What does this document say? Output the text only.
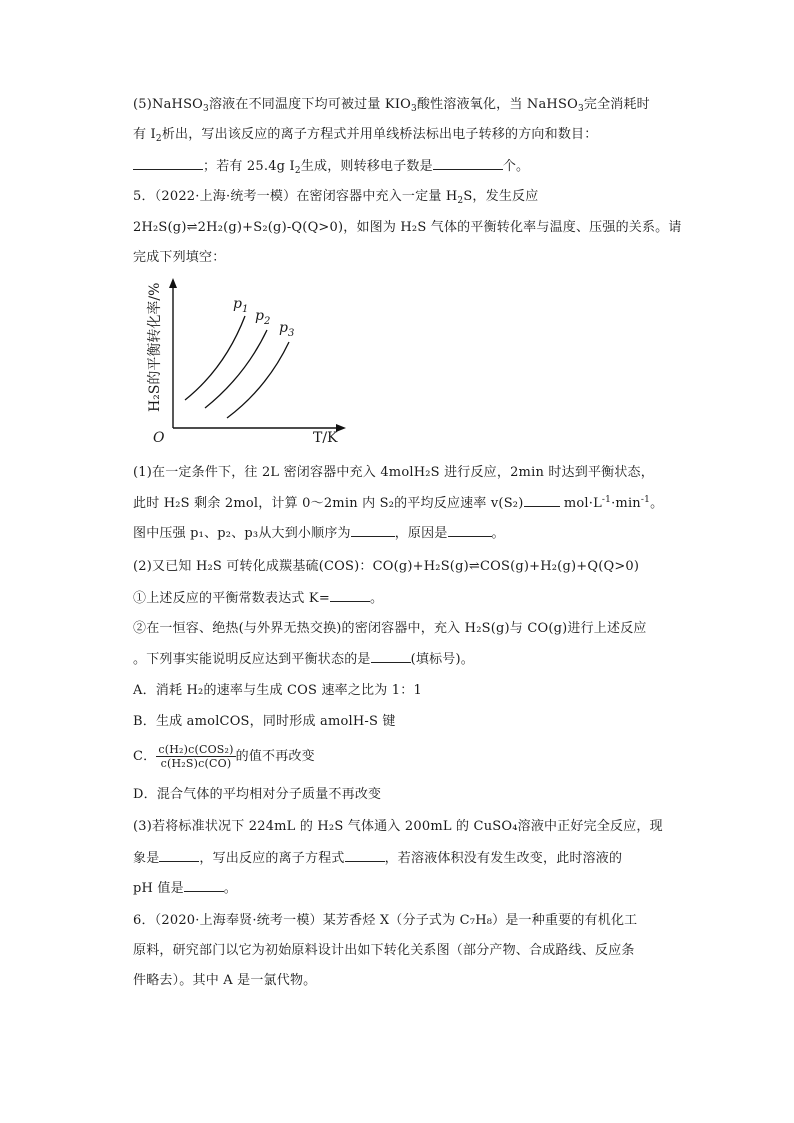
(5)NaHSO$_3$溶液在不同温度下均可被过量 $KIO_3$酸性溶液氧化，当 NaHSO$_3$完全消耗时
有 $I_2$析出，写出该反应的离子方程式并用单线桥法标出电子转移的方向和数目：
；若有 25.4g $I_2$生成，则转移电子数是	个。
5．（2022·上海·统考一模）在密闭容器中充入一定量 $H_2S$，发生反应
2H₂S(g)⇌2H₂(g)+S₂(g)-Q(Q>0)，如图为 H₂S 气体的平衡转化率与温度、压强的关系。请
完成下列填空：
H₂S的平衡转化率/%
O	T/K
$p_1$ $p_2$ $p_3$
(1)在一定条件下，往 2L 密闭容器中充入 4molH₂S 进行反应，2min 时达到平衡状态，
此时 H₂S 剩余 2mol，计算 0～2min 内 S₂的平均反应速率 v(S₂)	$mol\cdot L^{-1}\cdot\min^{-1}$。
图中压强 p₁、p₂、p₃从大到小顺序为	，原因是	。
(2)又已知 H₂S 可转化成羰基硫(COS)：CO(g)+H₂S(g)⇌COS(g)+H₂(g)+Q(Q>0)
①上述反应的平衡常数表达式 K=	。
②在一恒容、绝热(与外界无热交换)的密闭容器中，充入 H₂S(g)与 CO(g)进行上述反应
。下列事实能说明反应达到平衡状态的是	(填标号)。
A．消耗 H₂的速率与生成 COS 速率之比为 1：1
B．生成 amolCOS，同时形成 amolH-S 键
C． $\frac{\text{c(H₂)c(COS₂)}}{\text{c(H₂S)c(CO)}}$ 的值不再改变
D．混合气体的平均相对分子质量不再改变
(3)若将标准状况下 224mL 的 H₂S 气体通入 200mL 的 CuSO₄溶液中正好完全反应，现
象是	，写出反应的离子方程式	，若溶液体积没有发生改变，此时溶液的
pH 值是	。
6．（2020·上海奉贤·统考一模）某芳香烃 X（分子式为 C₇H₈）是一种重要的有机化工
原料，研究部门以它为初始原料设计出如下转化关系图（部分产物、合成路线、反应条
件略去）。其中 A 是一氯代物。
